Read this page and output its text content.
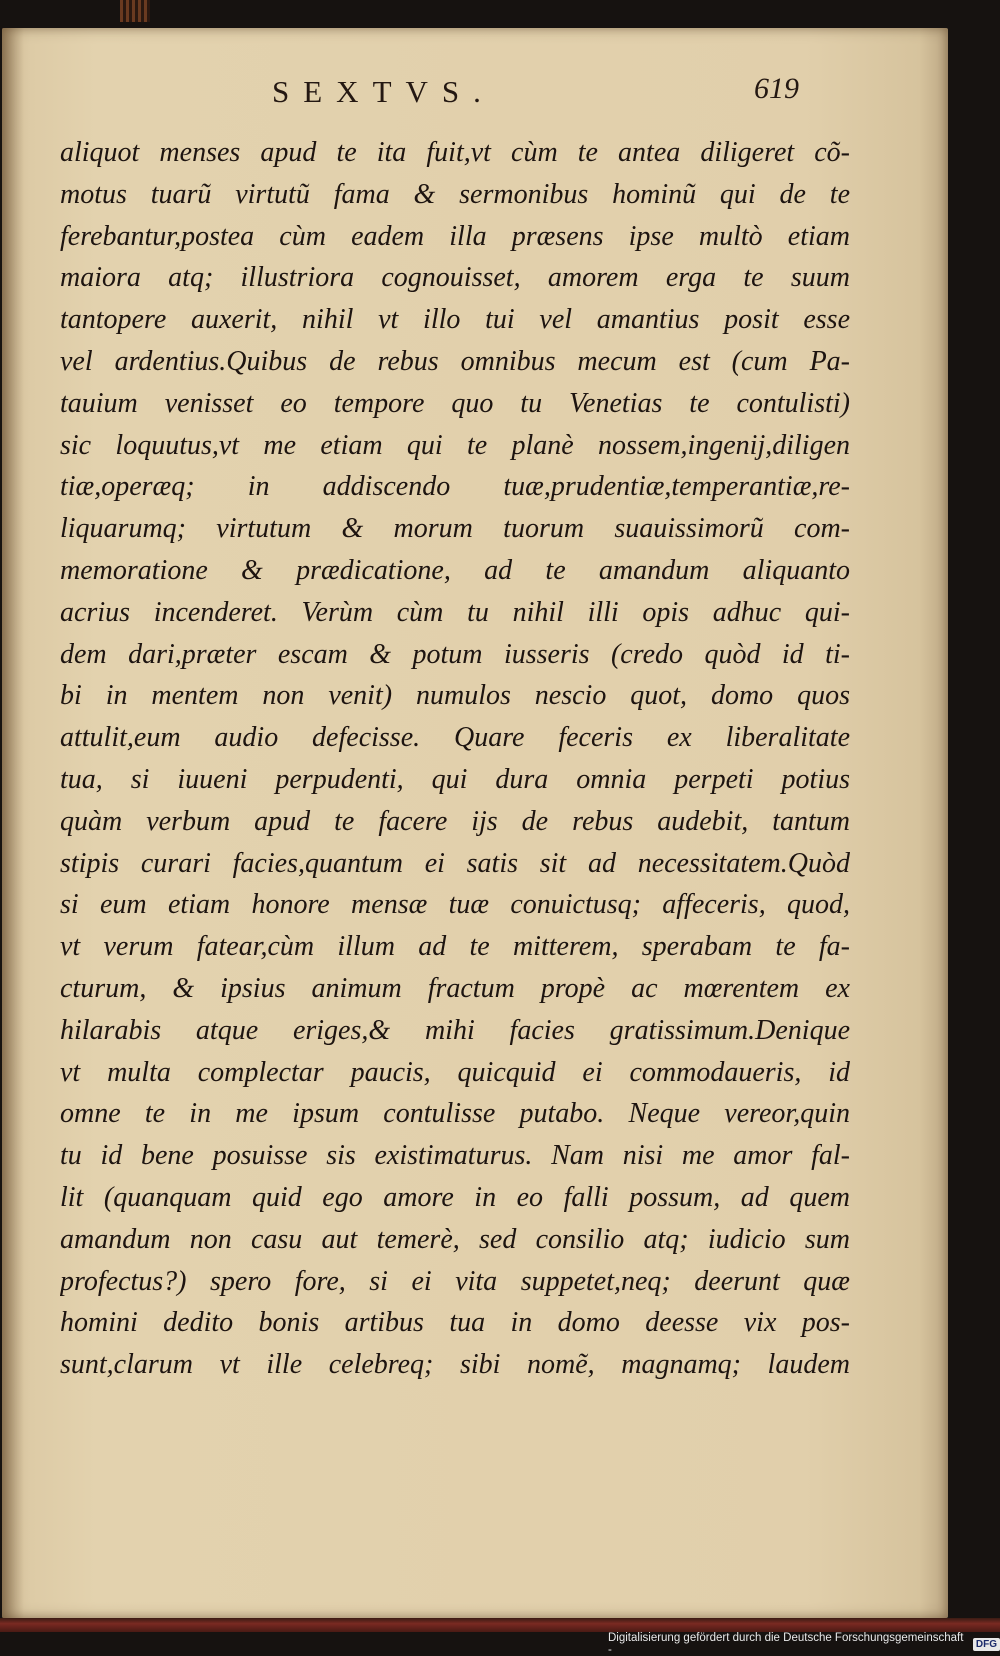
SEXTVS.	619
aliquot menses apud te ita fuit,vt cùm te antea diligeret cõ-
motus tuarũ virtutũ fama & sermonibus hominũ qui de te
ferebantur,postea cùm eadem illa præsens ipse multò etiam
maiora atq; illustriora cognouisset, amorem erga te suum
tantopere auxerit, nihil vt illo tui vel amantius posit esse
vel ardentius.Quibus de rebus omnibus mecum est (cum Pa-
tauium venisset eo tempore quo tu Venetias te contulisti)
sic loquutus,vt me etiam qui te planè nossem,ingenij,diligen
tiæ,operæq; in addiscendo tuæ,prudentiæ,temperantiæ,re-
liquarumq; virtutum & morum tuorum suauissimorũ com-
memoratione & prædicatione, ad te amandum aliquanto
acrius incenderet. Verùm cùm tu nihil illi opis adhuc qui-
dem dari,præter escam & potum iusseris (credo quòd id ti-
bi in mentem non venit) numulos nescio quot, domo quos
attulit,eum audio defecisse. Quare feceris ex liberalitate
tua, si iuueni perpudenti, qui dura omnia perpeti potius
quàm verbum apud te facere ijs de rebus audebit, tantum
stipis curari facies,quantum ei satis sit ad necessitatem.Quòd
si eum etiam honore mensæ tuæ conuictusq; affeceris, quod,
vt verum fatear,cùm illum ad te mitterem, sperabam te fa-
cturum, & ipsius animum fractum propè ac mœrentem ex
hilarabis atque eriges,& mihi facies gratissimum.Denique
vt multa complectar paucis, quicquid ei commodaueris, id
omne te in me ipsum contulisse putabo. Neque vereor,quin
tu id bene posuisse sis existimaturus. Nam nisi me amor fal-
lit (quanquam quid ego amore in eo falli possum, ad quem
amandum non casu aut temerè, sed consilio atq; iudicio sum
profectus?) spero fore, si ei vita suppetet,neq; deerunt quæ
homini dedito bonis artibus tua in domo deesse vix pos-
sunt,clarum vt ille celebreq; sibi nomẽ, magnamq; laudem
Digitalisierung gefördert durch die Deutsche Forschungsgemeinschaft -	DFG
